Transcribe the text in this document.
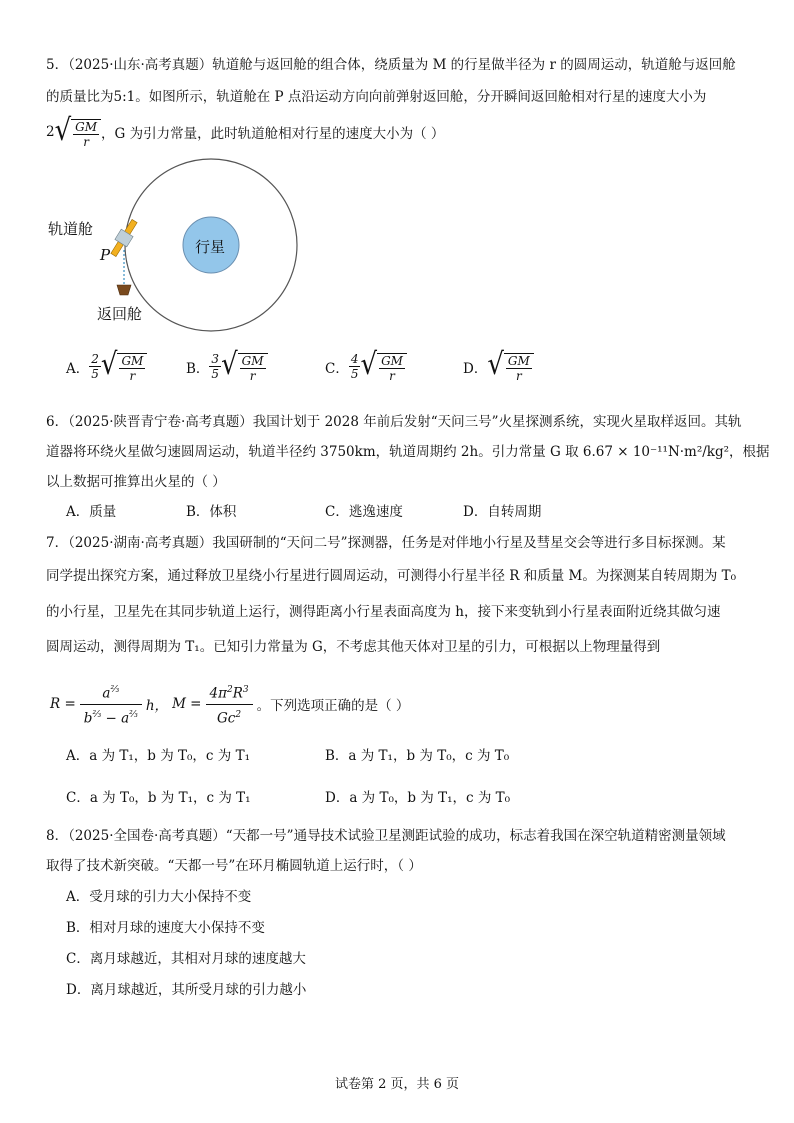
5．（2025·山东·高考真题）轨道舱与返回舱的组合体，绕质量为 M 的行星做半径为 r 的圆周运动，轨道舱与返回舱
的质量比为5:1。如图所示，轨道舱在 P 点沿运动方向向前弹射返回舱，分开瞬间返回舱相对行星的速度大小为
2 √ $\frac{GM}{r}$ ，G 为引力常量，此时轨道舱相对行星的速度大小为（ ）
轨道舱
P	行星
返回舱
A． $\frac{2}{5}$ √ $\frac{GM}{r}$	B． $\frac{3}{5}$ √ $\frac{GM}{r}$	C． $\frac{4}{5}$ √ $\frac{GM}{r}$	D． √ $\frac{GM}{r}$
6．（2025·陕晋青宁卷·高考真题）我国计划于 2028 年前后发射“天问三号”火星探测系统，实现火星取样返回。其轨
道器将环绕火星做匀速圆周运动，轨道半径约 3750km，轨道周期约 2h。引力常量 G 取 6.67 × 10⁻¹¹N·m²/kg²，根据
以上数据可推算出火星的（ ）
A．质量	B．体积	C．逃逸速度	D．自转周期
7．（2025·湖南·高考真题）我国研制的“天问二号”探测器，任务是对伴地小行星及彗星交会等进行多目标探测。某
同学提出探究方案，通过释放卫星绕小行星进行圆周运动，可测得小行星半径 R 和质量 M。为探测某自转周期为 T₀
的小行星，卫星先在其同步轨道上运行，测得距离小行星表面高度为 h，接下来变轨到小行星表面附近绕其做匀速
圆周运动，测得周期为 T₁。已知引力常量为 G，不考虑其他天体对卫星的引力，可根据以上物理量得到
$R = \frac{a^{\frac{2}{3}}}{b^{\frac{2}{3}} - a^{\frac{2}{3}}}$ h， $M = \frac{4\pi^2R^3}{Gc^2}$ 。下列选项正确的是（ ）
A．a 为 T₁，b 为 T₀，c 为 T₁	B．a 为 T₁，b 为 T₀，c 为 T₀
C．a 为 T₀，b 为 T₁，c 为 T₁	D．a 为 T₀，b 为 T₁，c 为 T₀
8．（2025·全国卷·高考真题）“天都一号”通导技术试验卫星测距试验的成功，标志着我国在深空轨道精密测量领域
取得了技术新突破。“天都一号”在环月椭圆轨道上运行时，（ ）
A．受月球的引力大小保持不变
B．相对月球的速度大小保持不变
C．离月球越近，其相对月球的速度越大
D．离月球越近，其所受月球的引力越小
试卷第 2 页，共 6 页
